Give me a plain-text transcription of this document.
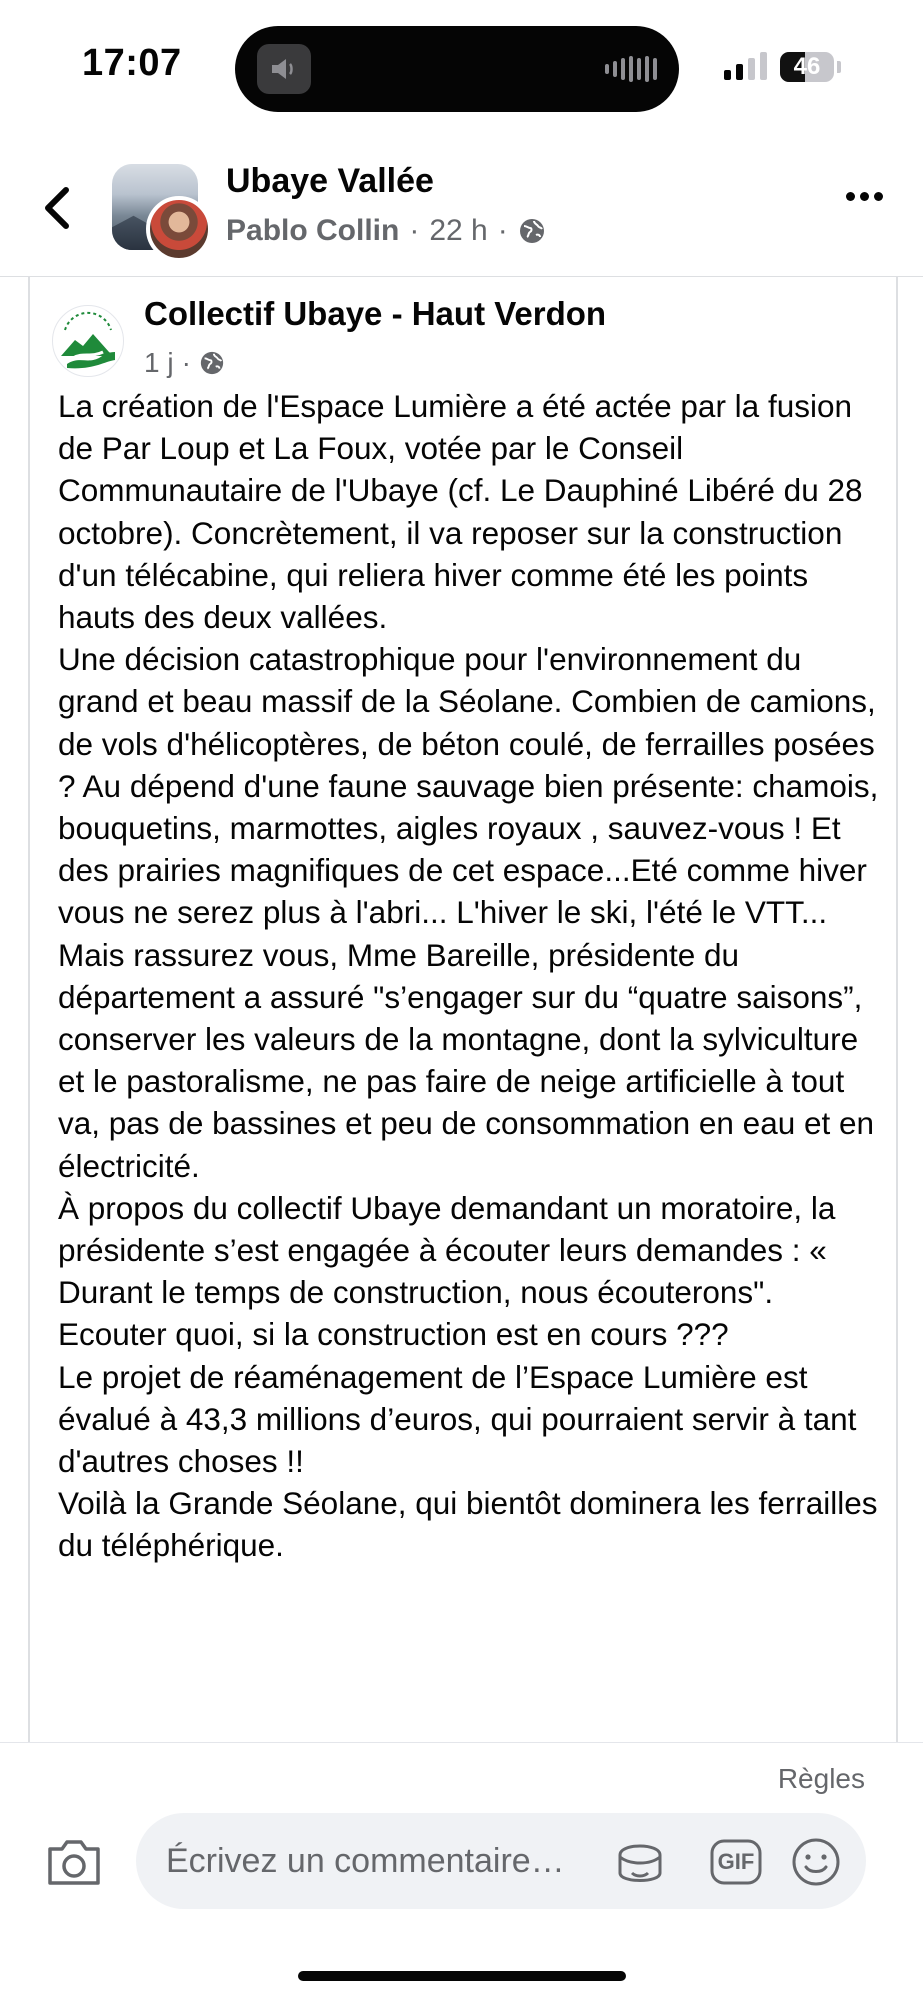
17:07	46
Ubaye Vallée
Pablo Collin · 22 h ·
Collectif Ubaye - Haut Verdon
1 j ·

La création de l'Espace Lumière a été actée par la fusion de Par Loup et La Foux, votée par le Conseil Communautaire de l'Ubaye (cf. Le Dauphiné Libéré du 28 octobre). Concrètement, il va reposer sur la construction d'un télécabine, qui reliera hiver comme été les points hauts des deux vallées.

Une décision catastrophique pour l'environnement du grand et beau massif de la Séolane. Combien de camions, de vols d'hélicoptères, de béton coulé, de ferrailles posées ? Au dépend d'une faune sauvage bien présente: chamois, bouquetins, marmottes, aigles royaux , sauvez-vous ! Et des prairies magnifiques de cet espace...Eté comme hiver vous ne serez plus à l'abri... L'hiver le ski, l'été le VTT...

Mais rassurez vous, Mme Bareille, présidente du département a assuré "s’engager sur du “quatre saisons”, conserver les valeurs de la montagne, dont la sylviculture et le pastoralisme, ne pas faire de neige artificielle à tout va, pas de bassines et peu de consommation en eau et en électricité.

À propos du collectif Ubaye demandant un moratoire, la présidente s’est engagée à écouter leurs demandes : « Durant le temps de construction, nous écouterons". Ecouter quoi, si la construction est en cours ???

Le projet de réaménagement de l’Espace Lumière est évalué à 43,3 millions d’euros, qui pourraient servir à tant d'autres choses !!

Voilà la Grande Séolane, qui bientôt dominera les ferrailles du téléphérique.

Règles
Écrivez un commentaire…
GIF
